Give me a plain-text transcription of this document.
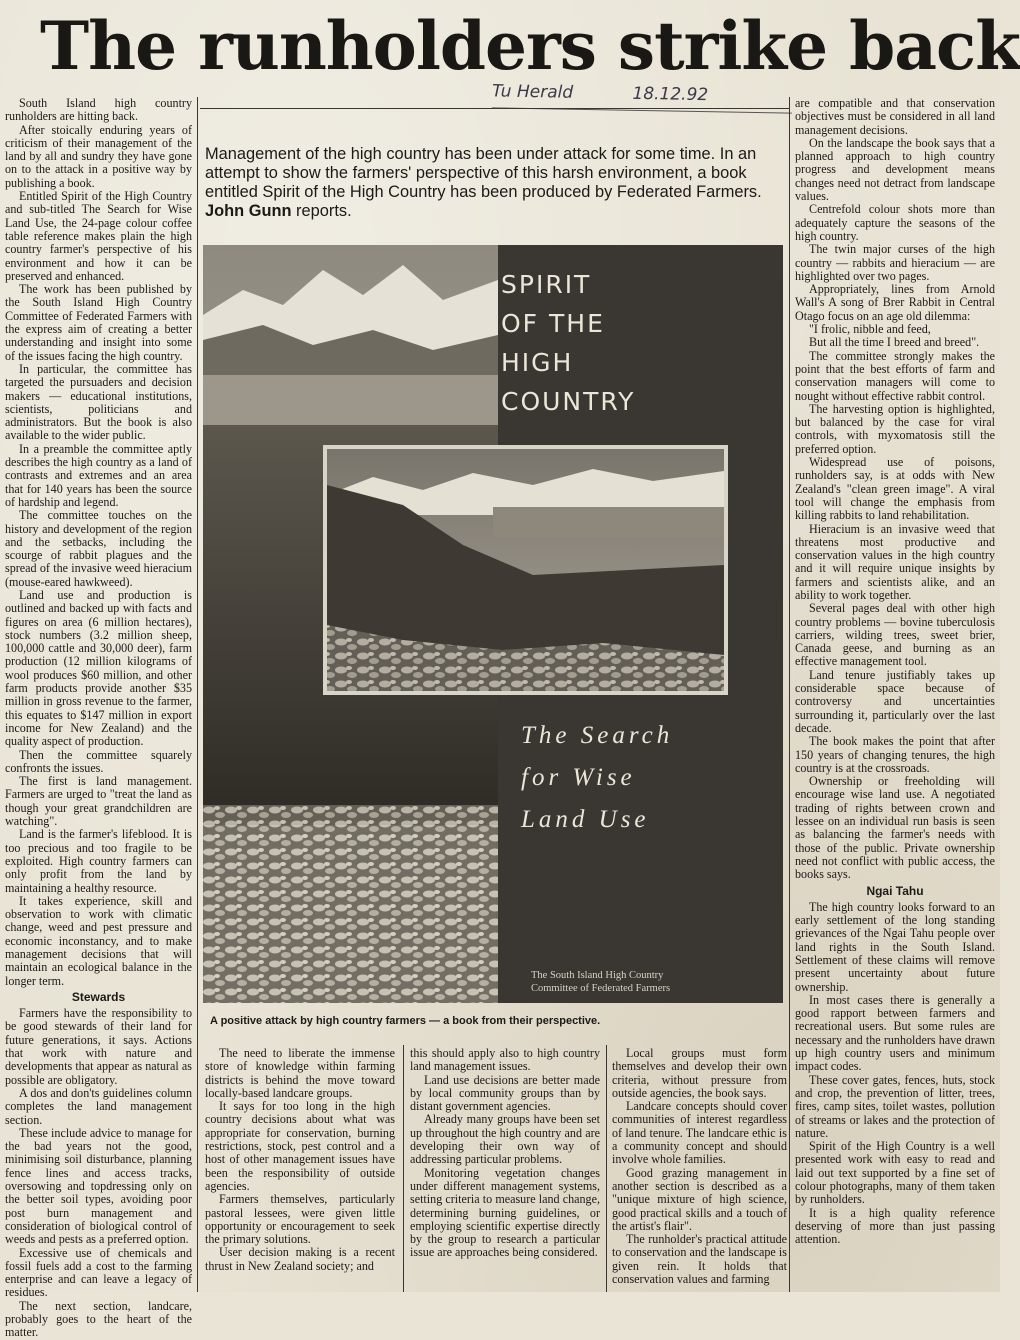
The runholders strike back
Tu Herald	18.12.92

Management of the high country has been under attack for some time. In an attempt to show the farmers' perspective of this harsh environment, a book entitled Spirit of the High Country has been produced by Federated Farmers. John Gunn reports.

SPIRIT
OF THE
HIGH
COUNTRY
The Search
for Wise
Land Use
The South Island High Country
Committee of Federated Farmers

A positive attack by high country farmers — a book from their perspective.

South Island high country runholders are hitting back.

After stoically enduring years of criticism of their management of the land by all and sundry they have gone on to the attack in a positive way by publishing a book.

Entitled Spirit of the High Country and sub-titled The Search for Wise Land Use, the 24-page colour coffee table reference makes plain the high country farmer's perspective of his environment and how it can be preserved and enhanced.

The work has been published by the South Island High Country Committee of Federated Farmers with the express aim of creating a better understanding and insight into some of the issues facing the high country.

In particular, the committee has targeted the pursuaders and decision makers — educational institutions, scientists, politicians and administrators. But the book is also available to the wider public.

In a preamble the committee aptly describes the high country as a land of contrasts and extremes and an area that for 140 years has been the source of hardship and legend.

The committee touches on the history and development of the region and the setbacks, including the scourge of rabbit plagues and the spread of the invasive weed hieracium (mouse-eared hawkweed).

Land use and production is outlined and backed up with facts and figures on area (6 million hectares), stock numbers (3.2 million sheep, 100,000 cattle and 30,000 deer), farm production (12 million kilograms of wool produces $60 million, and other farm products provide another $35 million in gross revenue to the farmer, this equates to $147 million in export income for New Zealand) and the quality aspect of production.

Then the committee squarely confronts the issues.

The first is land management. Farmers are urged to "treat the land as though your great grandchildren are watching".

Land is the farmer's lifeblood. It is too precious and too fragile to be exploited. High country farmers can only profit from the land by maintaining a healthy resource.

It takes experience, skill and observation to work with climatic change, weed and pest pressure and economic inconstancy, and to make management decisions that will maintain an ecological balance in the longer term.

Stewards

Farmers have the responsibility to be good stewards of their land for future generations, it says. Actions that work with nature and developments that appear as natural as possible are obligatory.

A dos and don'ts guidelines column completes the land management section.

These include advice to manage for the bad years not the good, minimising soil disturbance, planning fence lines and access tracks, oversowing and topdressing only on the better soil types, avoiding poor post burn management and consideration of biological control of weeds and pests as a preferred option.

Excessive use of chemicals and fossil fuels add a cost to the farming enterprise and can leave a legacy of residues.

The next section, landcare, probably goes to the heart of the matter.

The need to liberate the immense store of knowledge within farming districts is behind the move toward locally-based landcare groups.

It says for too long in the high country decisions about what was appropriate for conservation, burning restrictions, stock, pest control and a host of other management issues have been the responsibility of outside agencies.

Farmers themselves, particularly pastoral lessees, were given little opportunity or encouragement to seek the primary solutions.

User decision making is a recent thrust in New Zealand society; and

this should apply also to high country land management issues.

Land use decisions are better made by local community groups than by distant government agencies.

Already many groups have been set up throughout the high country and are developing their own way of addressing particular problems.

Monitoring vegetation changes under different management systems, setting criteria to measure land change, determining burning guidelines, or employing scientific expertise directly by the group to research a particular issue are approaches being considered.

Local groups must form themselves and develop their own criteria, without pressure from outside agencies, the book says.

Landcare concepts should cover communities of interest regardless of land tenure. The landcare ethic is a community concept and should involve whole families.

Good grazing management in another section is described as a "unique mixture of high science, good practical skills and a touch of the artist's flair".

The runholder's practical attitude to conservation and the landscape is given rein. It holds that conservation values and farming

are compatible and that conservation objectives must be considered in all land management decisions.

On the landscape the book says that a planned approach to high country progress and development means changes need not detract from landscape values.

Centrefold colour shots more than adequately capture the seasons of the high country.

The twin major curses of the high country — rabbits and hieracium — are highlighted over two pages.

Appropriately, lines from Arnold Wall's A song of Brer Rabbit in Central Otago focus on an age old dilemma:

"I frolic, nibble and feed,

But all the time I breed and breed".

The committee strongly makes the point that the best efforts of farm and conservation managers will come to nought without effective rabbit control.

The harvesting option is highlighted, but balanced by the case for viral controls, with myxomatosis still the preferred option.

Widespread use of poisons, runholders say, is at odds with New Zealand's "clean green image". A viral tool will change the emphasis from killing rabbits to land rehabilitation.

Hieracium is an invasive weed that threatens most productive and conservation values in the high country and it will require unique insights by farmers and scientists alike, and an ability to work together.

Several pages deal with other high country problems — bovine tuberculosis carriers, wilding trees, sweet brier, Canada geese, and burning as an effective management tool.

Land tenure justifiably takes up considerable space because of controversy and uncertainties surrounding it, particularly over the last decade.

The book makes the point that after 150 years of changing tenures, the high country is at the crossroads.

Ownership or freeholding will encourage wise land use. A negotiated trading of rights between crown and lessee on an individual run basis is seen as balancing the farmer's needs with those of the public. Private ownership need not conflict with public access, the books says.

Ngai Tahu

The high country looks forward to an early settlement of the long standing grievances of the Ngai Tahu people over land rights in the South Island. Settlement of these claims will remove present uncertainty about future ownership.

In most cases there is generally a good rapport between farmers and recreational users. But some rules are necessary and the runholders have drawn up high country users and minimum impact codes.

These cover gates, fences, huts, stock and crop, the prevention of litter, trees, fires, camp sites, toilet wastes, pollution of streams or lakes and the protection of nature.

Spirit of the High Country is a well presented work with easy to read and laid out text supported by a fine set of colour photographs, many of them taken by runholders.

It is a high quality reference deserving of more than just passing attention.
